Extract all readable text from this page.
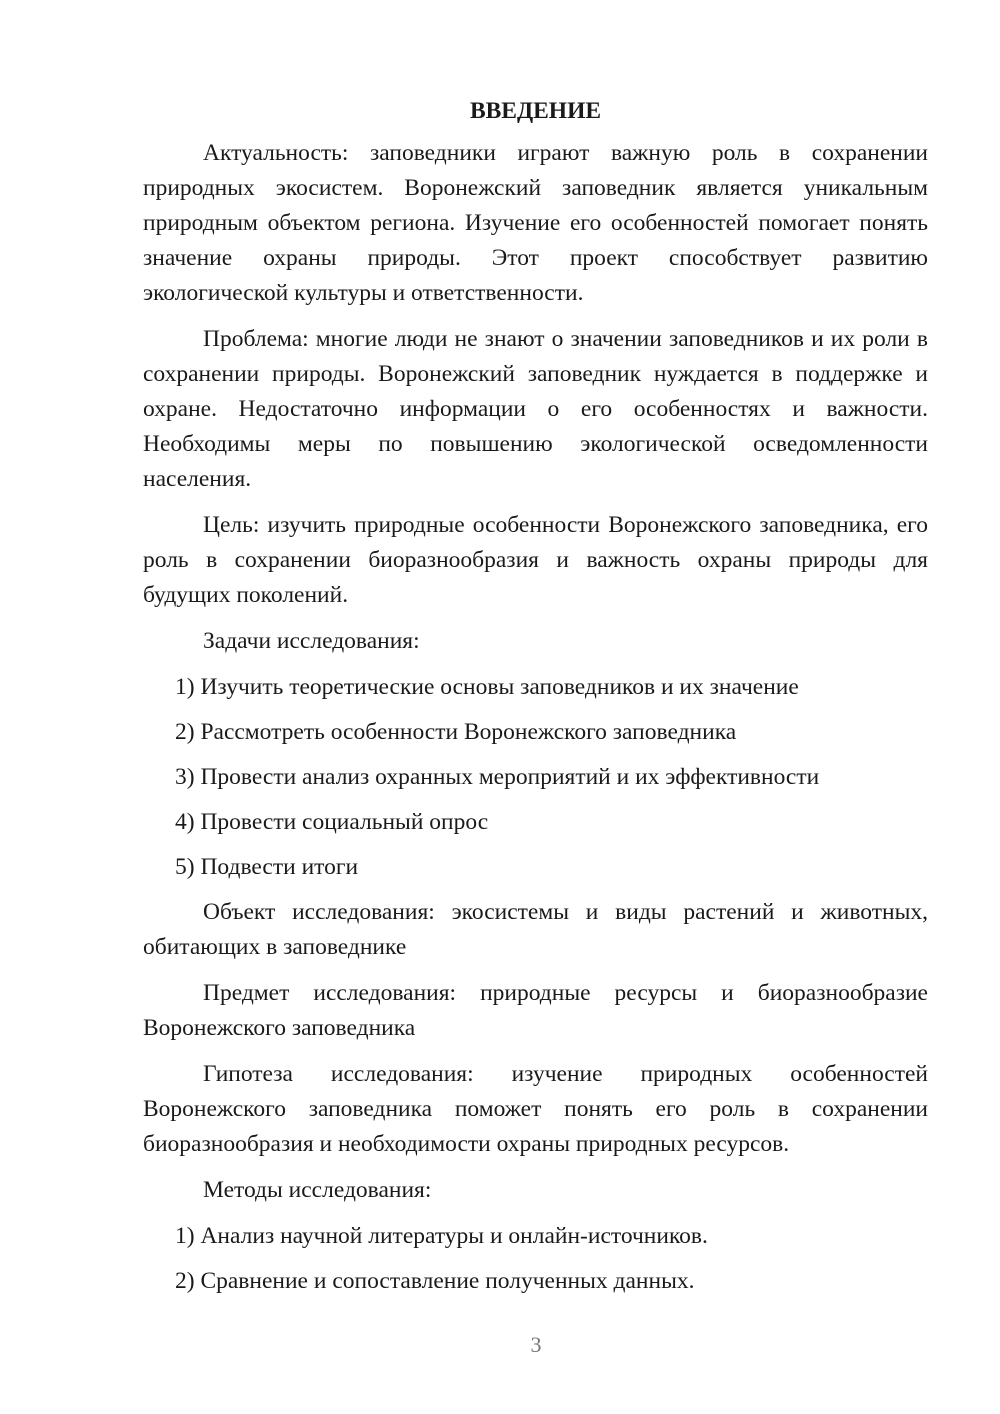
ВВЕДЕНИЕ

Актуальность: заповедники играют важную роль в сохранении природных экосистем. Воронежский заповедник является уникальным природным объектом региона. Изучение его особенностей помогает понять значение охраны природы. Этот проект способствует развитию экологической культуры и ответственности.

Проблема: многие люди не знают о значении заповедников и их роли в сохранении природы. Воронежский заповедник нуждается в поддержке и охране. Недостаточно информации о его особенностях и важности. Необходимы меры по повышению экологической осведомленности населения.

Цель: изучить природные особенности Воронежского заповедника, его роль в сохранении биоразнообразия и важность охраны природы для будущих поколений.

Задачи исследования:

1) Изучить теоретические основы заповедников и их значение
2) Рассмотреть особенности Воронежского заповедника
3) Провести анализ охранных мероприятий и их эффективности
4) Провести социальный опрос
5) Подвести итоги

Объект исследования: экосистемы и виды растений и животных, обитающих в заповеднике

Предмет исследования: природные ресурсы и биоразнообразие Воронежского заповедника

Гипотеза исследования: изучение природных особенностей Воронежского заповедника поможет понять его роль в сохранении биоразнообразия и необходимости охраны природных ресурсов.

Методы исследования:

1) Анализ научной литературы и онлайн-источников.
2) Сравнение и сопоставление полученных данных.
3
